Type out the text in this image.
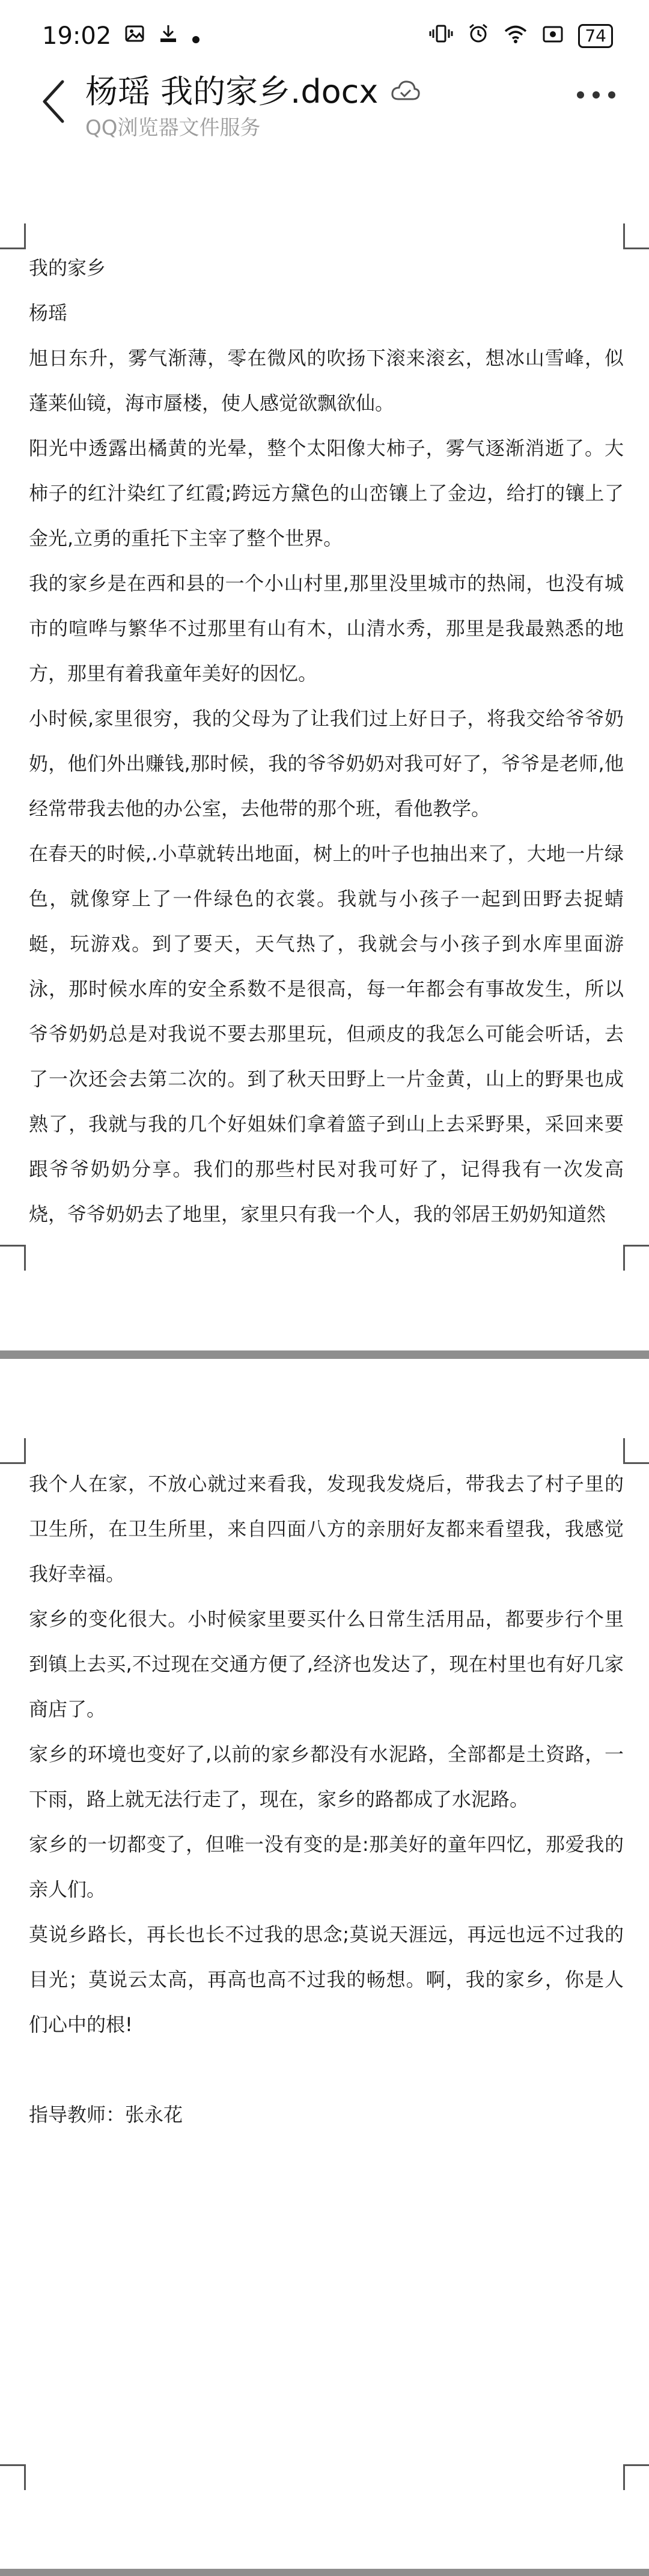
19:02	74
杨瑶 我的家乡.docx
QQ浏览器文件服务

我的家乡

杨瑶

旭日东升，雾气渐薄，零在微风的吹扬下滚来滚玄，想冰山雪峰，似蓬莱仙镜，海市蜃楼，使人感觉欲飘欲仙。

阳光中透露出橘黄的光晕，整个太阳像大柿子，雾气逐渐消逝了。大柿子的红汁染红了红霞;跨远方黛色的山峦镶上了金边，给打的镶上了金光,立勇的重托下主宰了整个世界。

我的家乡是在西和县的一个小山村里,那里没里城市的热闹，也没有城市的喧哗与繁华不过那里有山有木，山清水秀，那里是我最熟悉的地方，那里有着我童年美好的因忆。

小时候,家里很穷，我的父母为了让我们过上好日子，将我交给爷爷奶奶，他们外出赚钱,那时候，我的爷爷奶奶对我可好了，爷爷是老师,他经常带我去他的办公室，去他带的那个班，看他教学。

在春天的时候,.小草就转出地面，树上的叶子也抽出来了，大地一片绿色，就像穿上了一件绿色的衣裳。我就与小孩子一起到田野去捉蜻蜓，玩游戏。到了要天，天气热了，我就会与小孩子到水库里面游泳，那时候水库的安全系数不是很高，每一年都会有事故发生，所以爷爷奶奶总是对我说不要去那里玩，但顽皮的我怎么可能会听话，去了一次还会去第二次的。到了秋天田野上一片金黄，山上的野果也成熟了，我就与我的几个好姐妹们拿着篮子到山上去采野果，采回来要跟爷爷奶奶分享。我们的那些村民对我可好了，记得我有一次发高烧，爷爷奶奶去了地里，家里只有我一个人，我的邻居王奶奶知道然

我个人在家，不放心就过来看我，发现我发烧后，带我去了村子里的卫生所，在卫生所里，来自四面八方的亲朋好友都来看望我，我感觉我好幸福。

家乡的变化很大。小时候家里要买什么日常生活用品，都要步行个里到镇上去买,不过现在交通方便了,经济也发达了，现在村里也有好几家商店了。

家乡的环境也变好了,以前的家乡都没有水泥路，全部都是土资路，一下雨，路上就无法行走了，现在，家乡的路都成了水泥路。

家乡的一切都变了，但唯一没有变的是:那美好的童年四忆，那爱我的亲人们。

莫说乡路长，再长也长不过我的思念;莫说天涯远，再远也远不过我的目光；莫说云太高，再高也高不过我的畅想。啊，我的家乡，你是人们心中的根!

指导教师：张永花
